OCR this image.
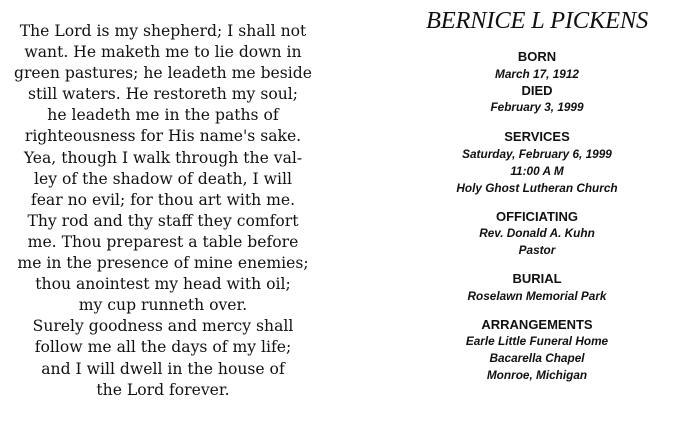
The Lord is my shepherd; I shall not
want. He maketh me to lie down in
green pastures; he leadeth me beside
still waters. He restoreth my soul;
he leadeth me in the paths of
righteousness for His name's sake.
Yea, though I walk through the val-
ley of the shadow of death, I will
fear no evil; for thou art with me.
Thy rod and thy staff they comfort
me. Thou preparest a table before
me in the presence of mine enemies;
thou anointest my head with oil;
my cup runneth over.
Surely goodness and mercy shall
follow me all the days of my life;
and I will dwell in the house of
the Lord forever.
BERNICE L PICKENS
BORN
March 17, 1912
DIED
February 3, 1999
SERVICES
Saturday, February 6, 1999
11:00 A M
Holy Ghost Lutheran Church
OFFICIATING
Rev. Donald A. Kuhn
Pastor
BURIAL
Roselawn Memorial Park
ARRANGEMENTS
Earle Little Funeral Home
Bacarella Chapel
Monroe, Michigan
